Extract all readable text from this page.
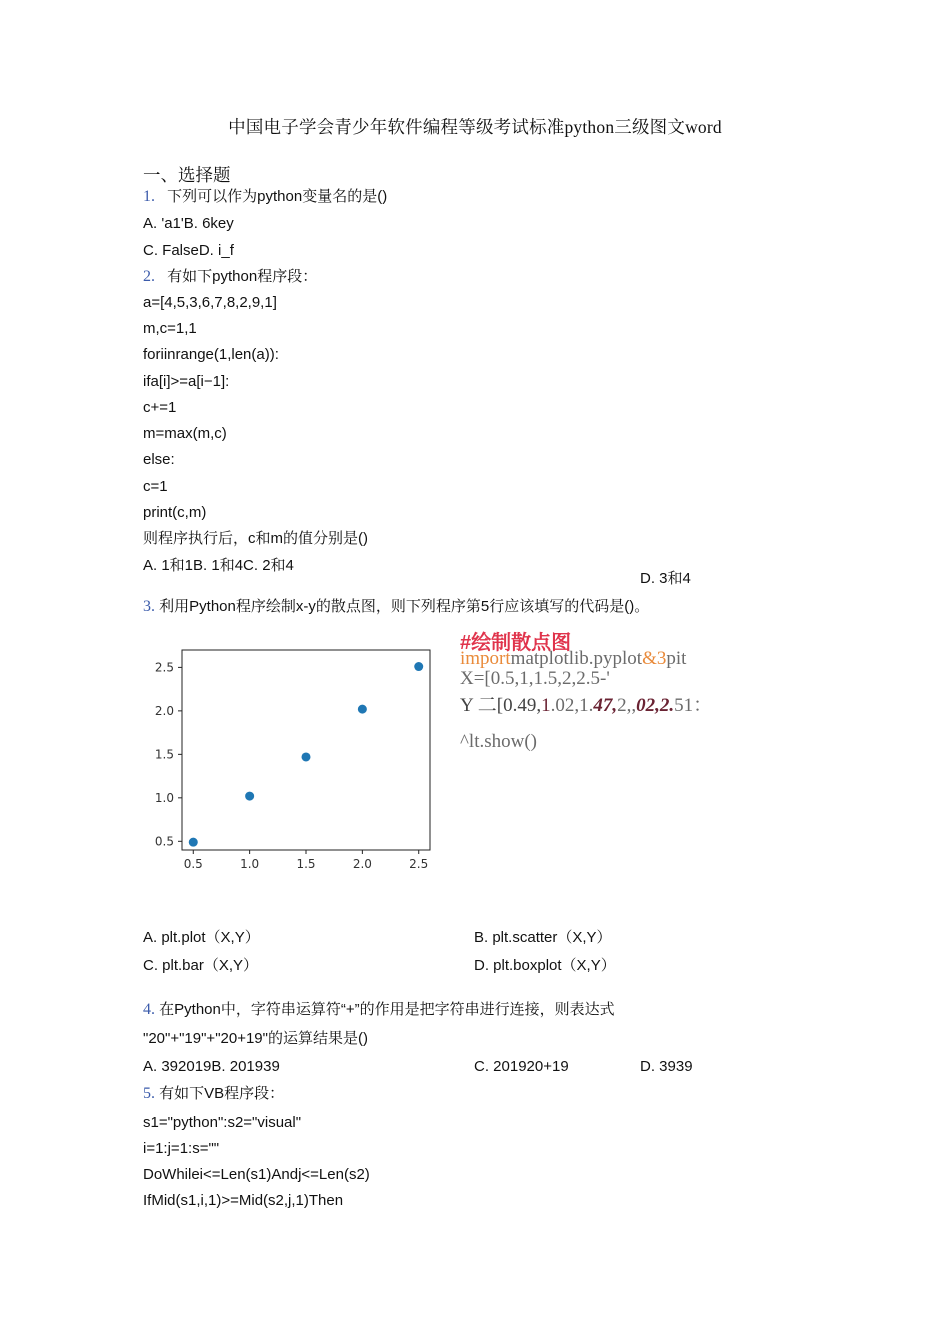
中国电子学会青少年软件编程等级考试标准python三级图文word
一、选择题
1. 下列可以作为python变量名的是()
A. 'a1'B. 6key
C. FalseD. i_f
2. 有如下python程序段：
a=[4,5,3,6,7,8,2,9,1]
m,c=1,1
foriinrange(1,len(a)):
ifa[i]>=a[i−1]:
c+=1
m=max(m,c)
else:
c=1
print(c,m)
则程序执行后，c和m的值分别是()
A. 1和1B. 1和4C. 2和4
D. 3和4
3. 利用Python程序绘制x-y的散点图，则下列程序第5行应该填写的代码是()。
0.5	1.0	1.5	2.0	2.5
0.5
1.0
1.5
2.0
2.5
#绘制散点图
importmatplotlib.pyplot&3pit
X=[0.5,1,1.5,2,2.5-'
Y 二[0.49,1.02,1.47,2,,02,2.51：
^lt.show()
A. plt.plot（X,Y）	B. plt.scatter（X,Y）
C. plt.bar（X,Y）	D. plt.boxplot（X,Y）
4. 在Python中，字符串运算符“+”的作用是把字符串进行连接，则表达式
"20"+"19"+"20+19"的运算结果是()
A. 392019B. 201939	C. 201920+19	D. 3939
5. 有如下VB程序段：
s1="python":s2="visual"
i=1:j=1:s=""
DoWhilei<=Len(s1)Andj<=Len(s2)
IfMid(s1,i,1)>=Mid(s2,j,1)Then
